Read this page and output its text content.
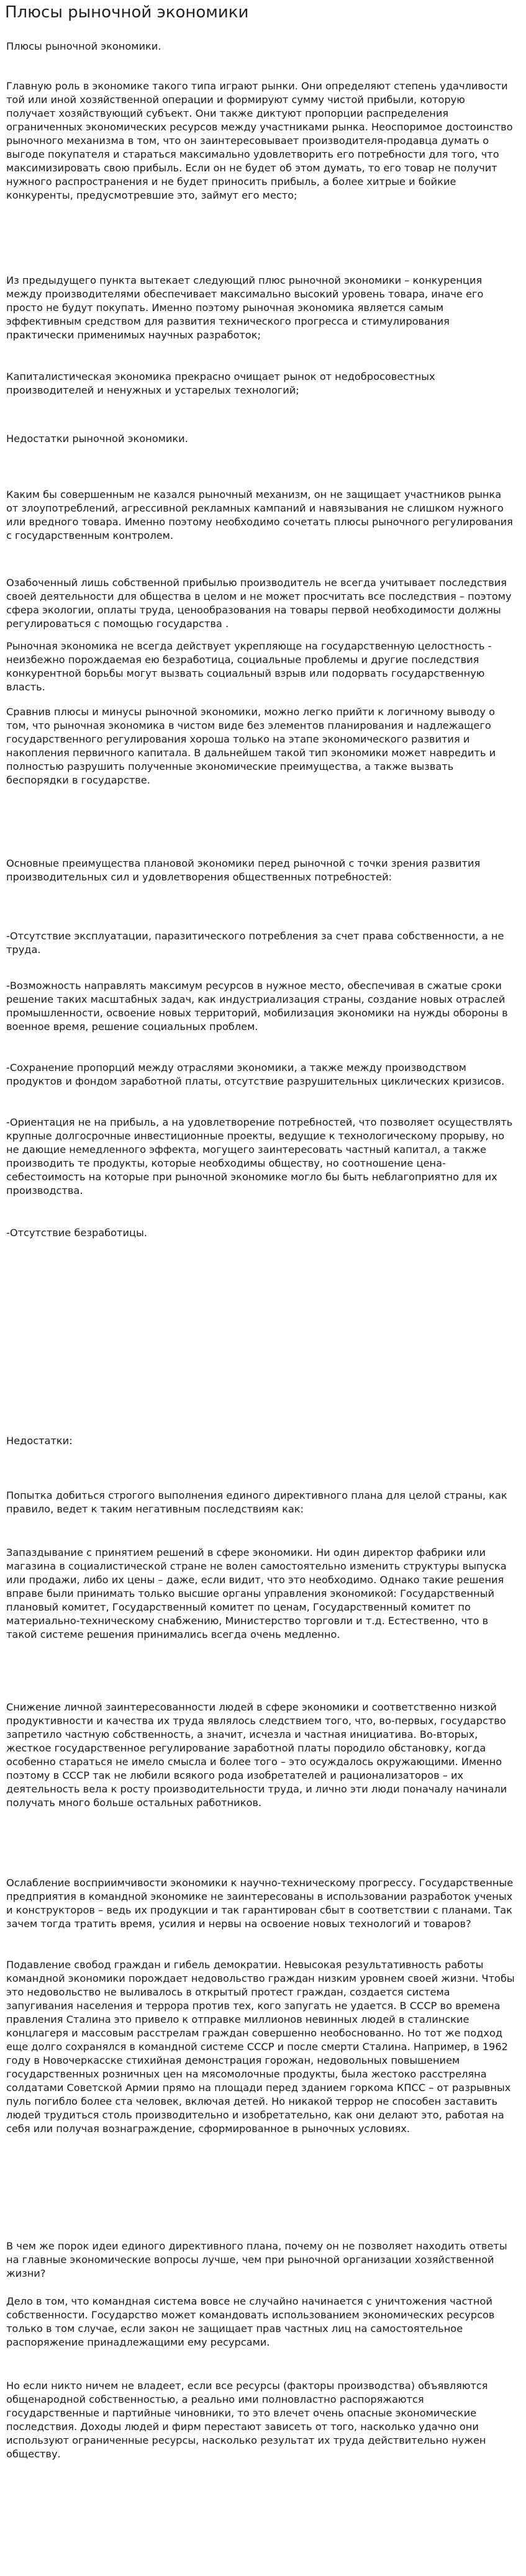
Плюсы рыночной экономики

Плюсы рыночной экономики.

Главную роль в экономике такого типа играют рынки. Они определяют степень удачливости той или иной хозяйственной операции и формируют сумму чистой прибыли, которую получает хозяйствующий субъект. Они также диктуют пропорции распределения ограниченных экономических ресурсов между участниками рынка. Неоспоримое достоинство рыночного механизма в том, что он заинтересовывает производителя-продавца думать о выгоде покупателя и стараться максимально удовлетворить его потребности для того, что максимизировать свою прибыль. Если он не будет об этом думать, то его товар не получит нужного распространения и не будет приносить прибыль, а более хитрые и бойкие конкуренты, предусмотревшие это, займут его место;

Из предыдущего пункта вытекает следующий плюс рыночной экономики – конкуренция между производителями обеспечивает максимально высокий уровень товара, иначе его просто не будут покупать. Именно поэтому рыночная экономика является самым эффективным средством для развития технического прогресса и стимулирования практически применимых научных разработок;

Капиталистическая экономика прекрасно очищает рынок от недобросовестных производителей и ненужных и устарелых технологий;

Недостатки рыночной экономики.

Каким бы совершенным не казался рыночный механизм, он не защищает участников рынка от злоупотреблений, агрессивной рекламных кампаний и навязывания не слишком нужного или вредного товара. Именно поэтому необходимо сочетать плюсы рыночного регулирования с государственным контролем.

Озабоченный лишь собственной прибылью производитель не всегда учитывает последствия своей деятельности для общества в целом и не может просчитать все последствия – поэтому сфера экологии, оплаты труда, ценообразования на товары первой необходимости должны регулироваться с помощью государства .

Рыночная экономика не всегда действует укрепляюще на государственную целостность - неизбежно порождаемая ею безработица, социальные проблемы и другие последствия конкурентной борьбы могут вызвать социальный взрыв или подорвать государственную власть.

Сравнив плюсы и минусы рыночной экономики, можно легко прийти к логичному выводу о том, что рыночная экономика в чистом виде без элементов планирования и надлежащего государственного регулирования хороша только на этапе экономического развития и накопления первичного капитала. В дальнейшем такой тип экономики может навредить и полностью разрушить полученные экономические преимущества, а также вызвать беспорядки в государстве.

Основные преимущества плановой экономики перед рыночной с точки зрения развития производительных сил и удовлетворения общественных потребностей:

-Отсутствие эксплуатации, паразитического потребления за счет права собственности, а не труда.

-Возможность направлять максимум ресурсов в нужное место, обеспечивая в сжатые сроки решение таких масштабных задач, как индустриализация страны, создание новых отраслей промышленности, освоение новых территорий, мобилизация экономики на нужды обороны в военное время, решение социальных проблем.

-Сохранение пропорций между отраслями экономики, а также между производством продуктов и фондом заработной платы, отсутствие разрушительных циклических кризисов.

-Ориентация не на прибыль, а на удовлетворение потребностей, что позволяет осуществлять крупные долгосрочные инвестиционные проекты, ведущие к технологическому прорыву, но не дающие немедленного эффекта, могущего заинтересовать частный капитал, а также производить те продукты, которые необходимы обществу, но соотношение цена-себестоимость на которые при рыночной экономике могло бы быть неблагоприятно для их производства.

-Отсутствие безработицы.

Недостатки:

Попытка добиться строгого выполнения единого директивного плана для целой страны, как правило, ведет к таким негативным последствиям как:

Запаздывание с принятием решений в сфере экономики. Ни один директор фабрики или магазина в социалистической стране не волен самостоятельно изменить структуры выпуска или продажи, либо их цены – даже, если видит, что это необходимо. Однако такие решения вправе были принимать только высшие органы управления экономикой: Государственный плановый комитет, Государственный комитет по ценам, Государственный комитет по материально-техническому снабжению, Министерство торговли и т.д. Естественно, что в такой системе решения принимались всегда очень медленно.

Снижение личной заинтересованности людей в сфере экономики и соответственно низкой продуктивности и качества их труда являлось следствием того, что, во-первых, государство запретило частную собственность, а значит, исчезла и частная инициатива. Во-вторых, жесткое государственное регулирование заработной платы породило обстановку, когда особенно стараться не имело смысла и более того – это осуждалось окружающими. Именно поэтому в СССР так не любили всякого рода изобретателей и рационализаторов – их деятельность вела к росту производительности труда, и лично эти люди поначалу начинали получать много больше остальных работников.

Ослабление восприимчивости экономики к научно-техническому прогрессу. Государственные предприятия в командной экономике не заинтересованы в использовании разработок ученых и конструкторов – ведь их продукции и так гарантирован сбыт в соответствии с планами. Так зачем тогда тратить время, усилия и нервы на освоение новых технологий и товаров?

Подавление свобод граждан и гибель демократии. Невысокая результативность работы командной экономики порождает недовольство граждан низким уровнем своей жизни. Чтобы это недовольство не выливалось в открытый протест граждан, создается система запугивания населения и террора против тех, кого запугать не удается. В СССР во времена правления Сталина это привело к отправке миллионов невинных людей в сталинские концлагеря и массовым расстрелам граждан совершенно необоснованно. Но тот же подход еще долго сохранялся в командной системе СССР и после смерти Сталина. Например, в 1962 году в Новочеркасске стихийная демонстрация горожан, недовольных повышением государственных розничных цен на мясомолочные продукты, была жестоко расстреляна солдатами Советской Армии прямо на площади перед зданием горкома КПСС – от разрывных пуль погибло более ста человек, включая детей. Но никакой террор не способен заставить людей трудиться столь производительно и изобретательно, как они делают это, работая на себя или получая вознаграждение, сформированное в рыночных условиях.

В чем же порок идеи единого директивного плана, почему он не позволяет находить ответы на главные экономические вопросы лучше, чем при рыночной организации хозяйственной жизни?

Дело в том, что командная система вовсе не случайно начинается с уничтожения частной собственности. Государство может командовать использованием экономических ресурсов только в том случае, если закон не защищает прав частных лиц на самостоятельное распоряжение принадлежащими ему ресурсами.

Но если никто ничем не владеет, если все ресурсы (факторы производства) объявляются общенародной собственностью, а реально ими полновластно распоряжаются государственные и партийные чиновники, то это влечет очень опасные экономические последствия. Доходы людей и фирм перестают зависеть от того, насколько удачно они используют ограниченные ресурсы, насколько результат их труда действительно нужен обществу.
